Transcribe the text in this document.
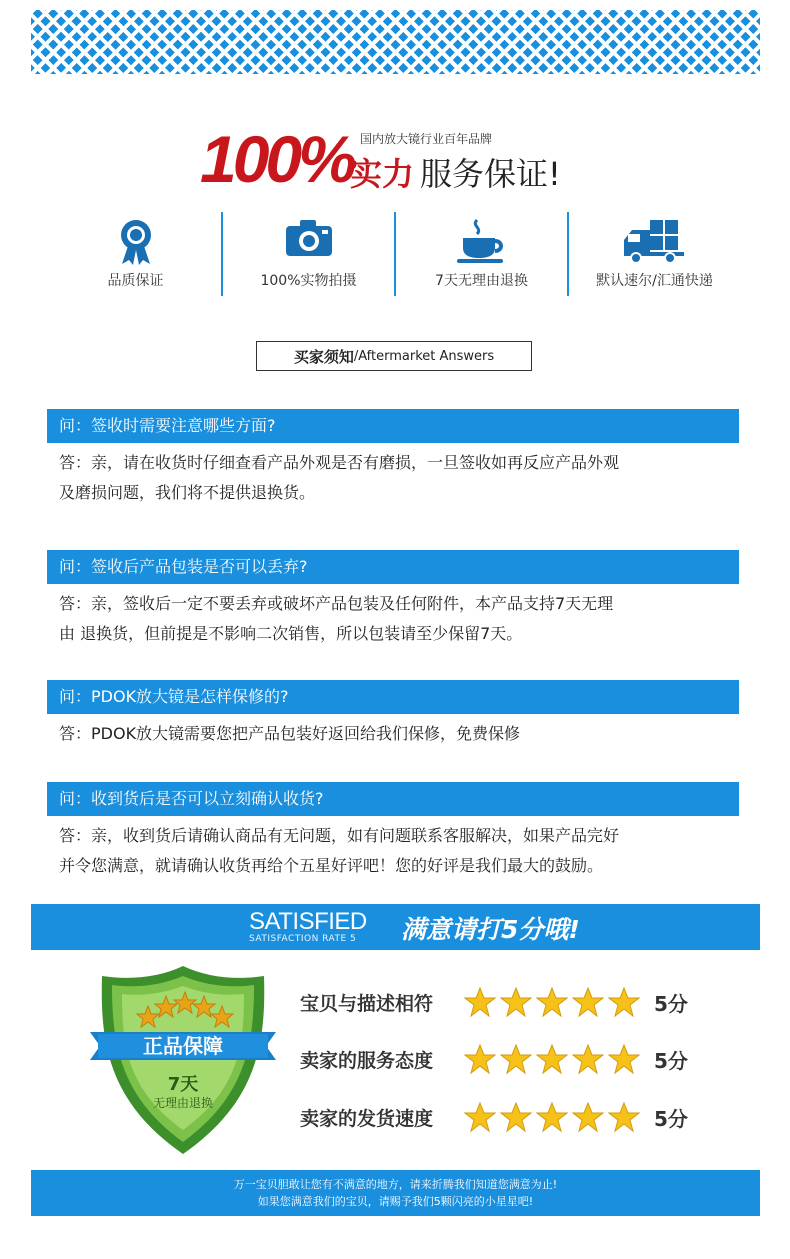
100% 国内放大镜行业百年品牌
实力 服务保证!
品质保证	100%实物拍摄	7天无理由退换	默认速尔/汇通快递
买家须知 /Aftermarket Answers
问：签收时需要注意哪些方面?
答：亲，请在收货时仔细查看产品外观是否有磨损，一旦签收如再反应产品外观
及磨损问题，我们将不提供退换货。
问：签收后产品包装是否可以丢弃?
答：亲，签收后一定不要丢弃或破坏产品包装及任何附件，本产品支持7天无理
由 退换货，但前提是不影响二次销售，所以包装请至少保留7天。
问：PDOK放大镜是怎样保修的?
答：PDOK放大镜需要您把产品包装好返回给我们保修，免费保修
问：收到货后是否可以立刻确认收货?
答：亲，收到货后请确认商品有无问题，如有问题联系客服解决，如果产品完好
并令您满意，就请确认收货再给个五星好评吧！您的好评是我们最大的鼓励。
SATISFIED
SATISFACTION RATE 5 满意请打5分哦!
正品保障
7天
无理由退换
宝贝与描述相符	5分
卖家的服务态度	5分
卖家的发货速度	5分
万一宝贝胆敢让您有不满意的地方，请来折腾我们知道您满意为止!
如果您满意我们的宝贝，请赐予我们5颗闪亮的小星星吧!
